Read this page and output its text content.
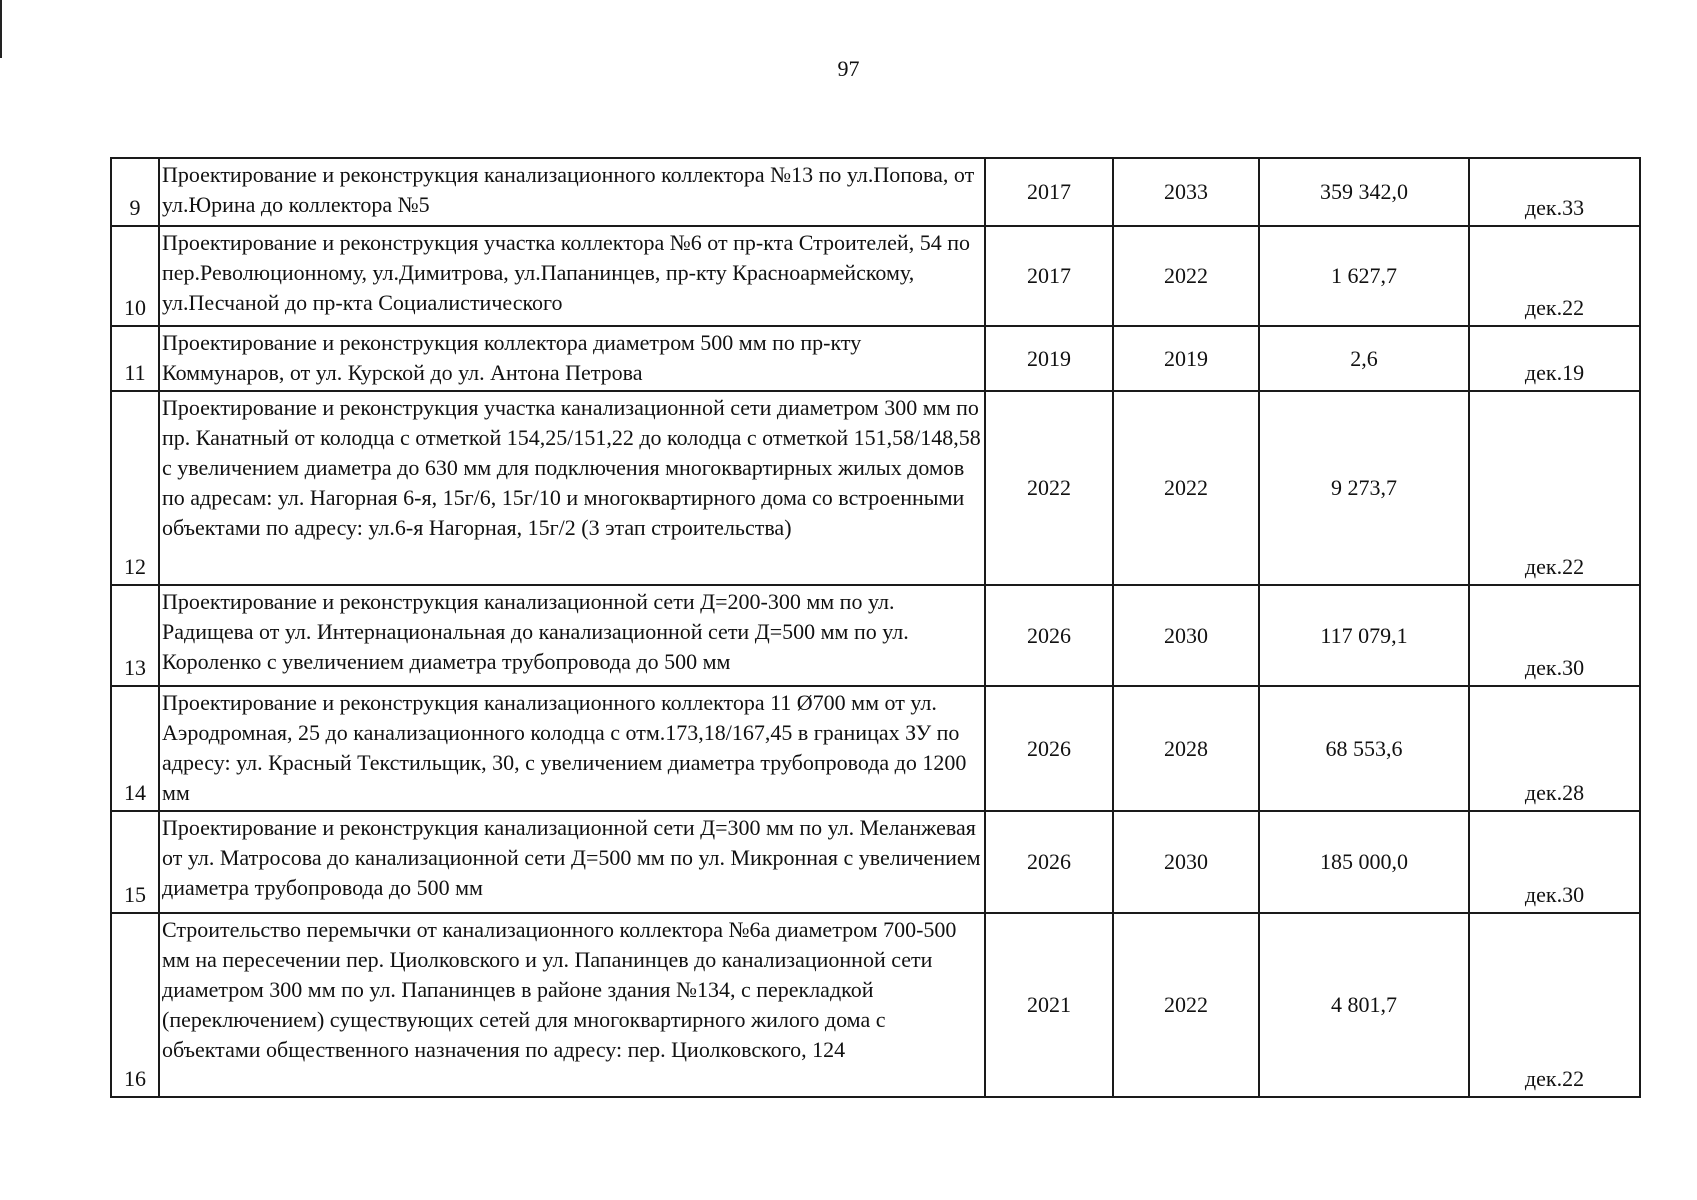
97
9	Проектирование и реконструкция канализационного коллектора №13 по ул.Попова, от ул.Юрина до коллектора №5	2017	2033	359 342,0	дек.33
10	Проектирование и реконструкция участка коллектора №6 от пр-кта Строителей, 54 по пер.Революционному, ул.Димитрова, ул.Папанинцев, пр-кту Красноармейскому, ул.Песчаной до пр-кта Социалистического	2017	2022	1 627,7	дек.22
11	Проектирование и реконструкция коллектора диаметром 500 мм по пр-кту Коммунаров, от ул. Курской до ул. Антона Петрова	2019	2019	2,6	дек.19
12	Проектирование и реконструкция участка канализационной сети диаметром 300 мм по пр. Канатный от колодца с отметкой 154,25/151,22 до колодца с отметкой 151,58/148,58 с увеличением диаметра до 630 мм для подключения многоквартирных жилых домов по адресам: ул. Нагорная 6-я, 15г/6, 15г/10 и многоквартирного дома со встроенными объектами по адресу: ул.6-я Нагорная, 15г/2 (3 этап строительства)	2022	2022	9 273,7	дек.22
13	Проектирование и реконструкция канализационной сети Д=200-300 мм по ул. Радищева от ул. Интернациональная до канализационной сети Д=500 мм по ул. Короленко с увеличением диаметра трубопровода до 500 мм	2026	2030	117 079,1	дек.30
14	Проектирование и реконструкция канализационного коллектора 11 Ø700 мм от ул. Аэродромная, 25 до канализационного колодца с отм.173,18/167,45 в границах ЗУ по адресу: ул. Красный Текстильщик, 30, с увеличением диаметра трубопровода до 1200 мм	2026	2028	68 553,6	дек.28
15	Проектирование и реконструкция канализационной сети Д=300 мм по ул. Меланжевая от ул. Матросова до канализационной сети Д=500 мм по ул. Микронная с увеличением диаметра трубопровода до 500 мм	2026	2030	185 000,0	дек.30
16	Строительство перемычки от канализационного коллектора №6а диаметром 700-500 мм на пересечении пер. Циолковского и ул. Папанинцев до канализационной сети диаметром 300 мм по ул. Папанинцев в районе здания №134, с перекладкой (переключением) существующих сетей для многоквартирного жилого дома с объектами общественного назначения по адресу: пер. Циолковского, 124	2021	2022	4 801,7	дек.22
